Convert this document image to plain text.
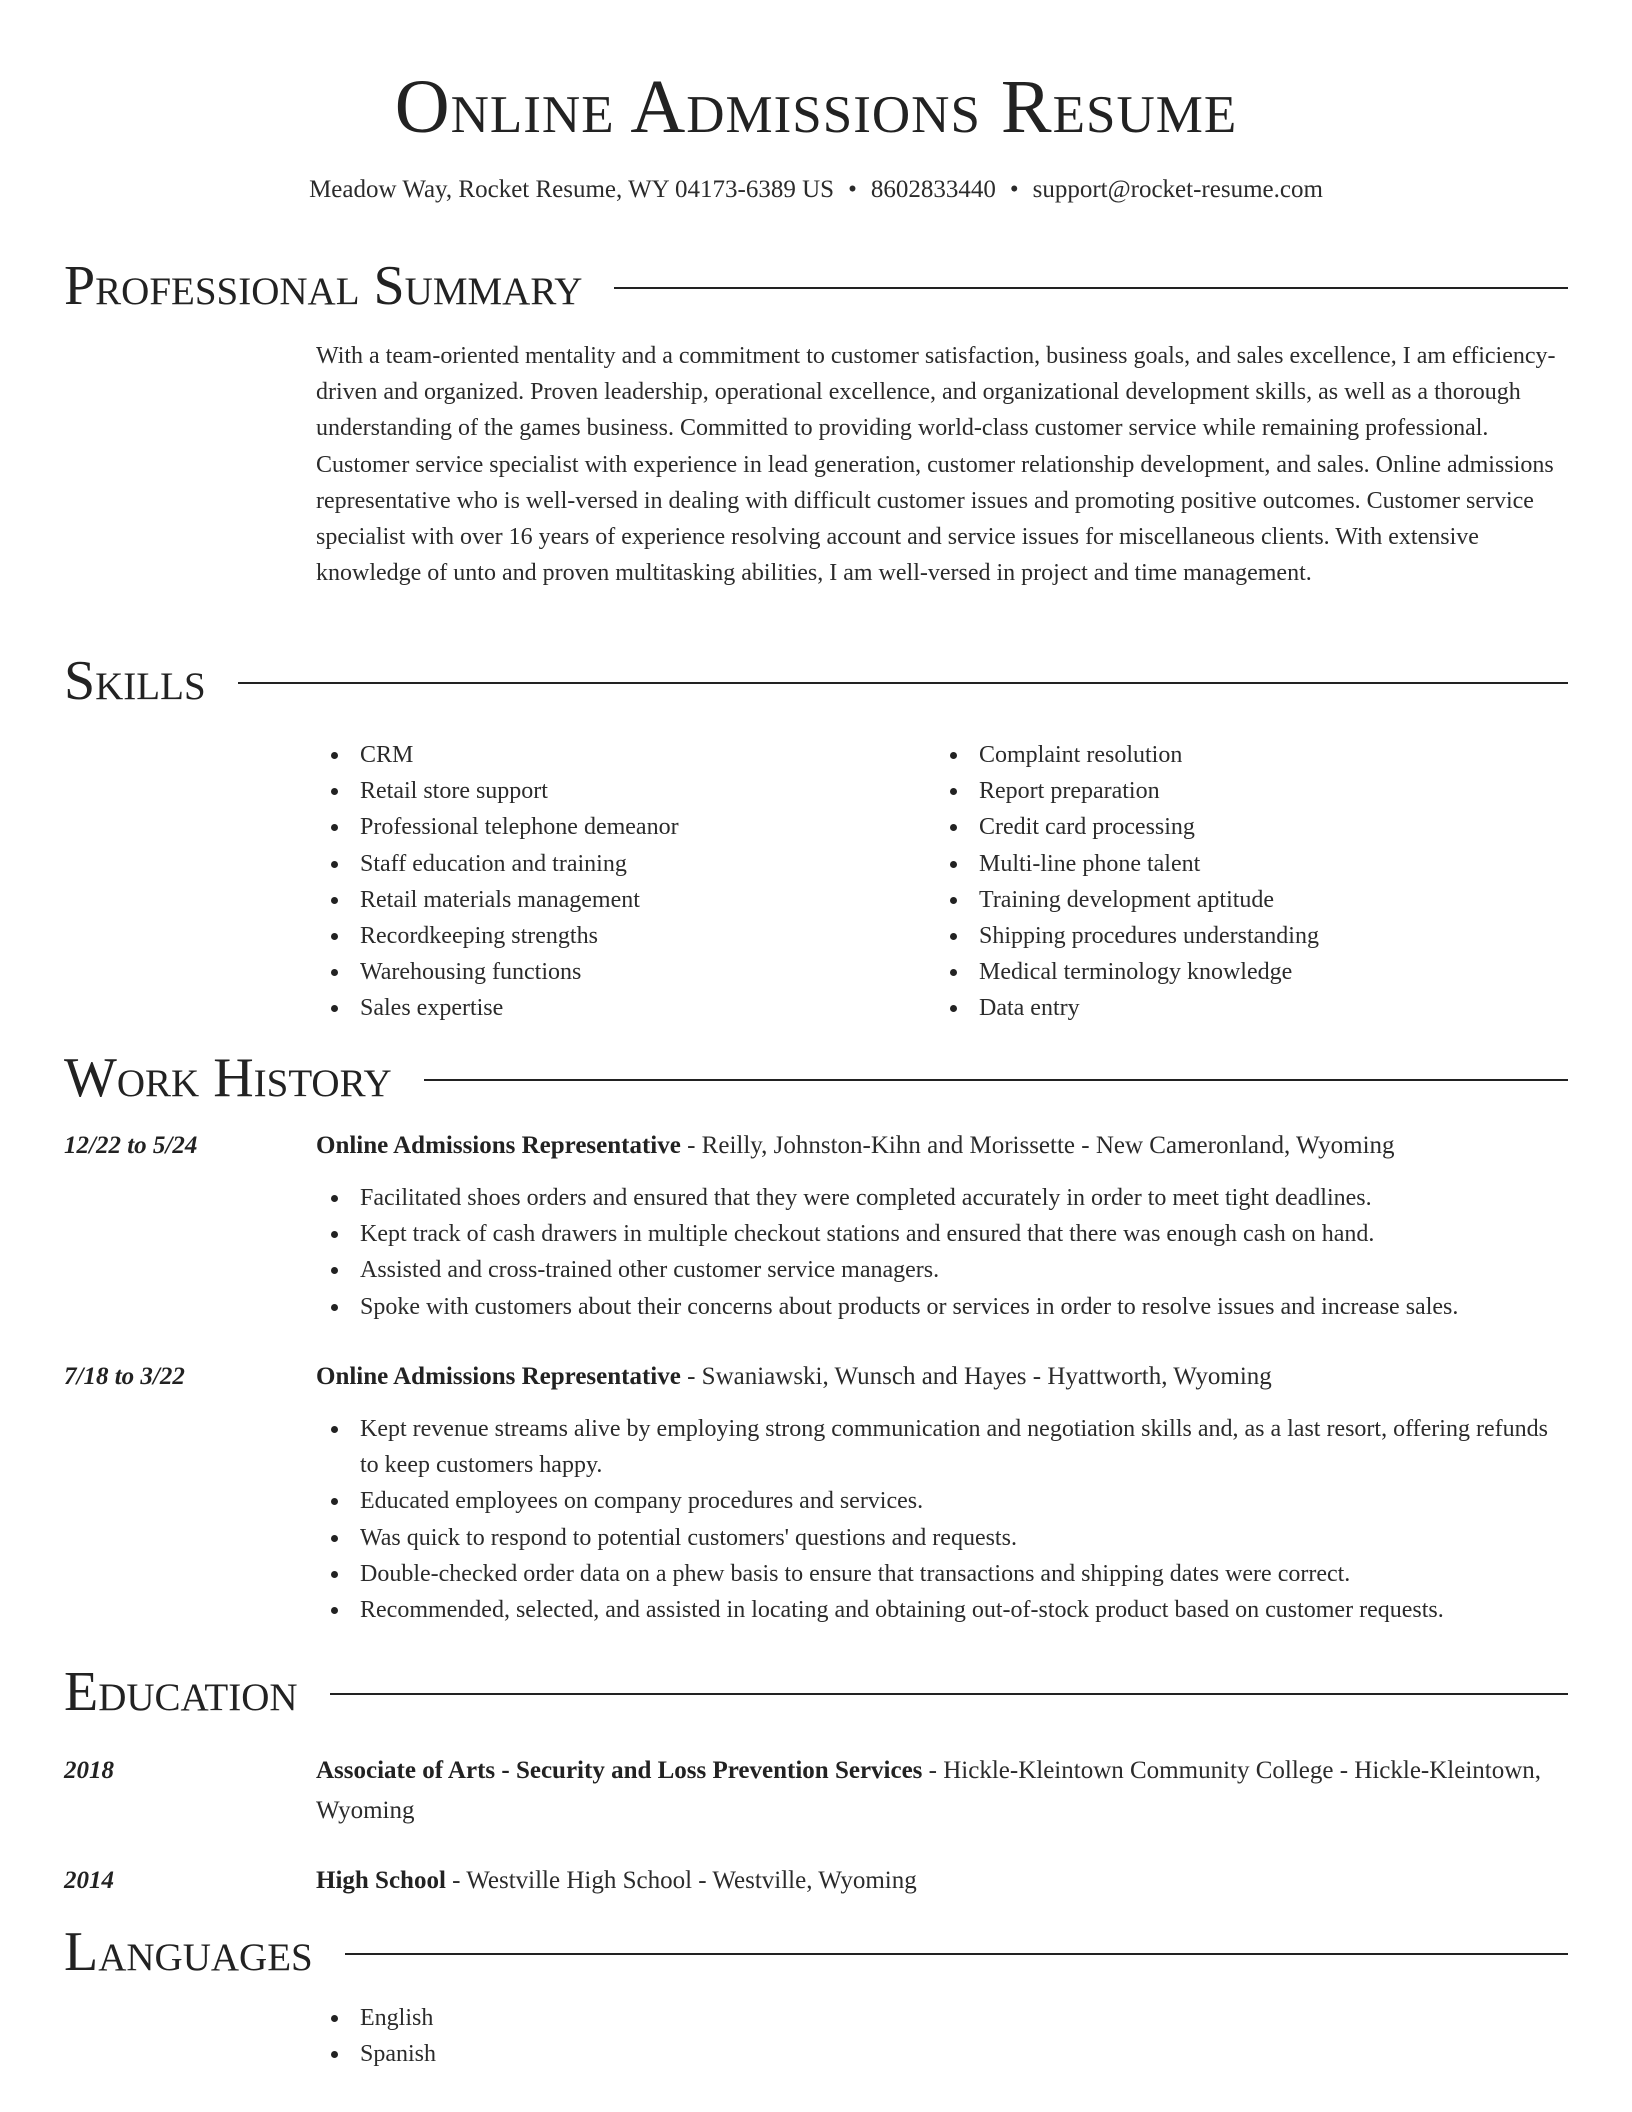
Online Admissions Resume
Meadow Way, Rocket Resume, WY 04173-6389 US • 8602833440 • support@rocket-resume.com
Professional Summary

With a team-oriented mentality and a commitment to customer satisfaction, business goals, and sales excellence, I am efficiency-driven and organized. Proven leadership, operational excellence, and organizational development skills, as well as a thorough understanding of the games business. Committed to providing world-class customer service while remaining professional. Customer service specialist with experience in lead generation, customer relationship development, and sales. Online admissions representative who is well-versed in dealing with difficult customer issues and promoting positive outcomes. Customer service specialist with over 16 years of experience resolving account and service issues for miscellaneous clients. With extensive knowledge of unto and proven multitasking abilities, I am well-versed in project and time management.

Skills
CRM
Retail store support
Professional telephone demeanor
Staff education and training
Retail materials management
Recordkeeping strengths
Warehousing functions
Sales expertise
Complaint resolution
Report preparation
Credit card processing
Multi-line phone talent
Training development aptitude
Shipping procedures understanding
Medical terminology knowledge
Data entry
Work History
12/22 to 5/24	Online Admissions Representative - Reilly, Johnston-Kihn and Morissette - New Cameronland, Wyoming
Facilitated shoes orders and ensured that they were completed accurately in order to meet tight deadlines.
Kept track of cash drawers in multiple checkout stations and ensured that there was enough cash on hand.
Assisted and cross-trained other customer service managers.
Spoke with customers about their concerns about products or services in order to resolve issues and increase sales.
7/18 to 3/22	Online Admissions Representative - Swaniawski, Wunsch and Hayes - Hyattworth, Wyoming
Kept revenue streams alive by employing strong communication and negotiation skills and, as a last resort, offering refunds to keep customers happy.
Educated employees on company procedures and services.
Was quick to respond to potential customers' questions and requests.
Double-checked order data on a phew basis to ensure that transactions and shipping dates were correct.
Recommended, selected, and assisted in locating and obtaining out-of-stock product based on customer requests.
Education
2018	Associate of Arts - Security and Loss Prevention Services - Hickle-Kleintown Community College - Hickle-Kleintown, Wyoming
2014	High School - Westville High School - Westville, Wyoming
Languages
English
Spanish
